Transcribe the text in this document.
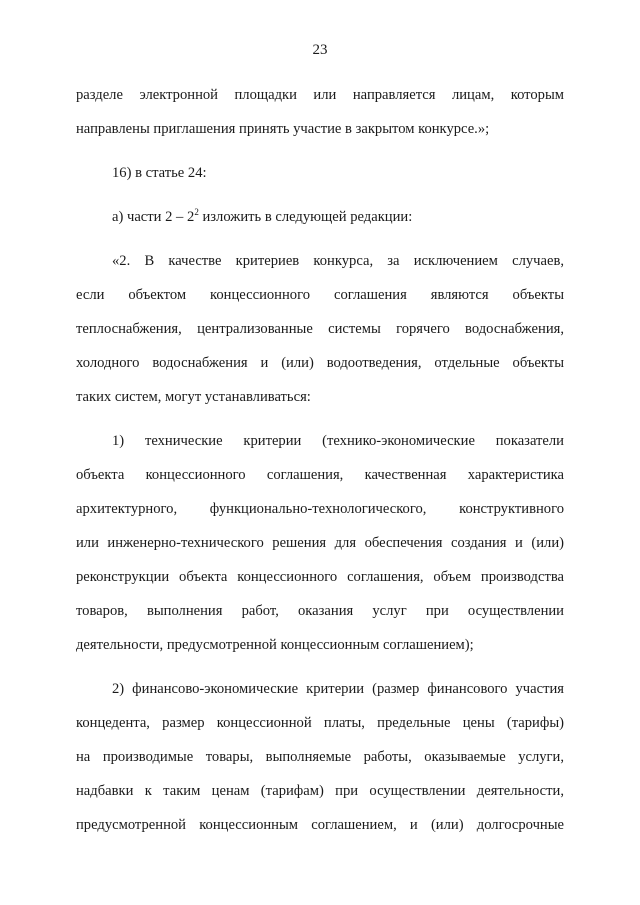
23
разделе электронной площадки или направляется лицам, которым
направлены приглашения принять участие в закрытом конкурсе.»;
16) в статье 24:
а) части $2 - 2^2$ изложить в следующей редакции:
«2. В качестве критериев конкурса, за исключением случаев,
если объектом концессионного соглашения являются объекты
теплоснабжения, централизованные системы горячего водоснабжения,
холодного водоснабжения и (или) водоотведения, отдельные объекты
таких систем, могут устанавливаться:
1) технические критерии (технико-экономические показатели
объекта концессионного соглашения, качественная характеристика
архитектурного, функционально-технологического, конструктивного
или инженерно-технического решения для обеспечения создания и (или)
реконструкции объекта концессионного соглашения, объем производства
товаров, выполнения работ, оказания услуг при осуществлении
деятельности, предусмотренной концессионным соглашением);
2) финансово-экономические критерии (размер финансового участия
концедента, размер концессионной платы, предельные цены (тарифы)
на производимые товары, выполняемые работы, оказываемые услуги,
надбавки к таким ценам (тарифам) при осуществлении деятельности,
предусмотренной концессионным соглашением, и (или) долгосрочные
